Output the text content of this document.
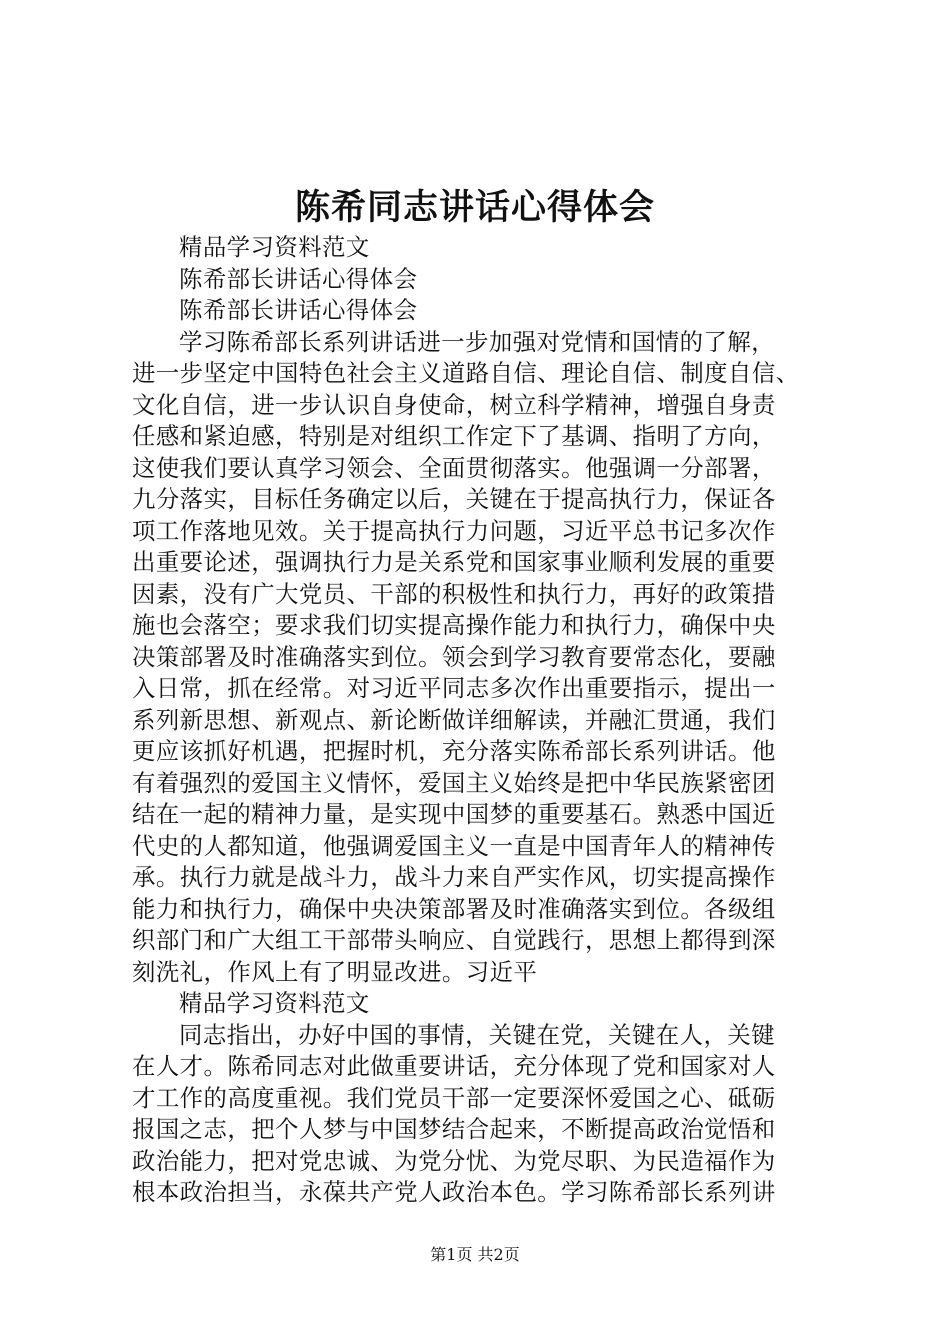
陈希同志讲话心得体会
精品学习资料范文
陈希部长讲话心得体会
陈希部长讲话心得体会
学习陈希部长系列讲话进一步加强对党情和国情的了解，
进一步坚定中国特色社会主义道路自信、理论自信、制度自信、
文化自信，进一步认识自身使命，树立科学精神，增强自身责
任感和紧迫感，特别是对组织工作定下了基调、指明了方向，
这使我们要认真学习领会、全面贯彻落实。他强调一分部署，
九分落实，目标任务确定以后，关键在于提高执行力，保证各
项工作落地见效。关于提高执行力问题，习近平总书记多次作
出重要论述，强调执行力是关系党和国家事业顺利发展的重要
因素，没有广大党员、干部的积极性和执行力，再好的政策措
施也会落空；要求我们切实提高操作能力和执行力，确保中央
决策部署及时准确落实到位。领会到学习教育要常态化，要融
入日常，抓在经常。对习近平同志多次作出重要指示，提出一
系列新思想、新观点、新论断做详细解读，并融汇贯通，我们
更应该抓好机遇，把握时机，充分落实陈希部长系列讲话。他
有着强烈的爱国主义情怀，爱国主义始终是把中华民族紧密团
结在一起的精神力量，是实现中国梦的重要基石。熟悉中国近
代史的人都知道，他强调爱国主义一直是中国青年人的精神传
承。执行力就是战斗力，战斗力来自严实作风，切实提高操作
能力和执行力，确保中央决策部署及时准确落实到位。各级组
织部门和广大组工干部带头响应、自觉践行，思想上都得到深
刻洗礼，作风上有了明显改进。习近平
精品学习资料范文
同志指出，办好中国的事情，关键在党，关键在人，关键
在人才。陈希同志对此做重要讲话，充分体现了党和国家对人
才工作的高度重视。我们党员干部一定要深怀爱国之心、砥砺
报国之志，把个人梦与中国梦结合起来，不断提高政治觉悟和
政治能力，把对党忠诚、为党分忧、为党尽职、为民造福作为
根本政治担当，永葆共产党人政治本色。学习陈希部长系列讲
第1页 共2页
